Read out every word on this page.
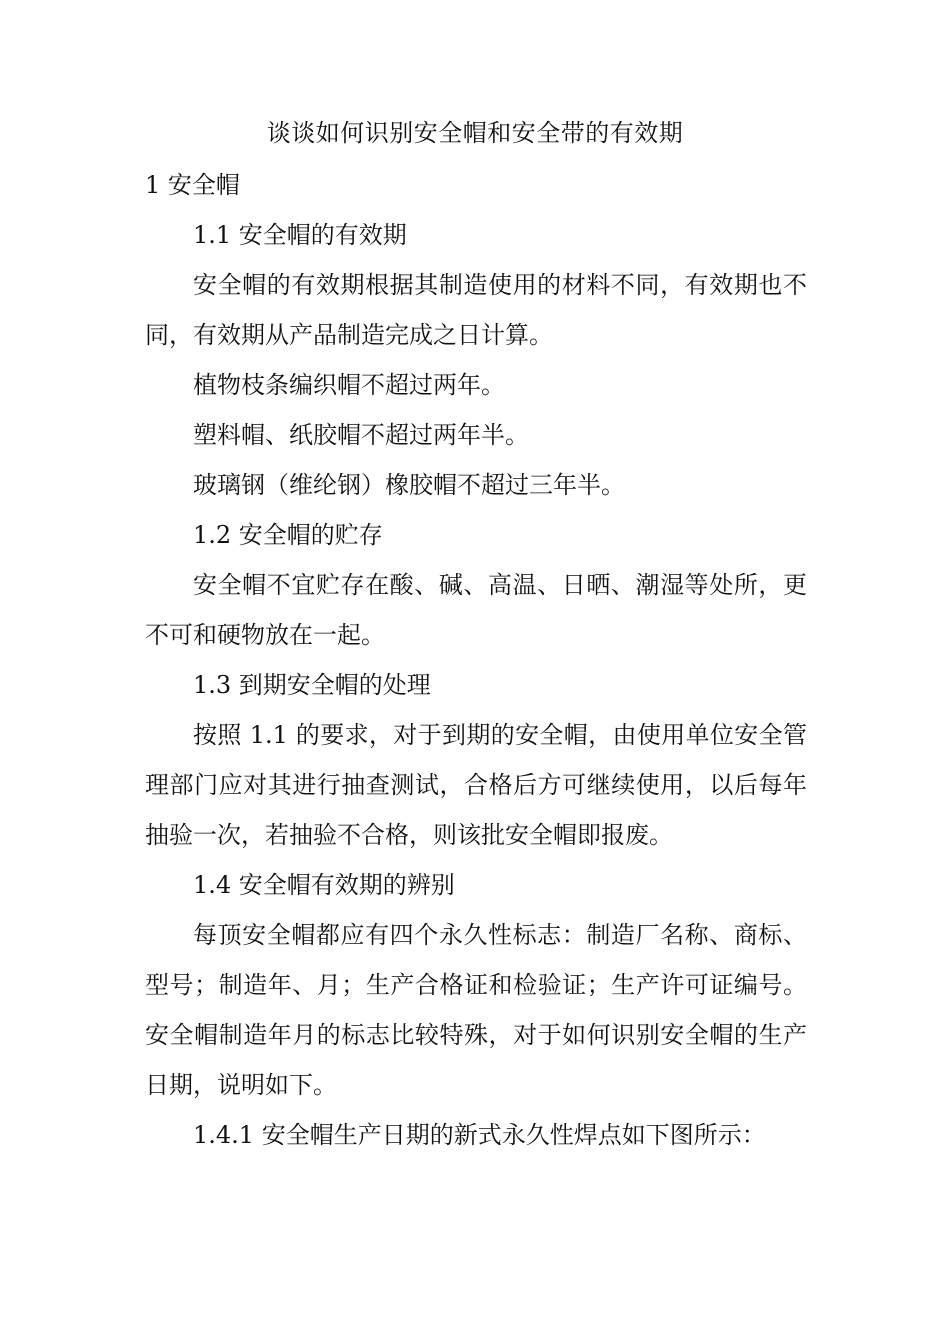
谈谈如何识别安全帽和安全带的有效期

1 安全帽

1.1 安全帽的有效期

安全帽的有效期根据其制造使用的材料不同，有效期也不同，有效期从产品制造完成之日计算。

植物枝条编织帽不超过两年。

塑料帽、纸胶帽不超过两年半。

玻璃钢（维纶钢）橡胶帽不超过三年半。

1.2 安全帽的贮存

安全帽不宜贮存在酸、碱、高温、日晒、潮湿等处所，更不可和硬物放在一起。

1.3 到期安全帽的处理

按照 1.1 的要求，对于到期的安全帽，由使用单位安全管理部门应对其进行抽查测试，合格后方可继续使用，以后每年抽验一次，若抽验不合格，则该批安全帽即报废。

1.4 安全帽有效期的辨别

每顶安全帽都应有四个永久性标志：制造厂名称、商标、型号；制造年、月；生产合格证和检验证；生产许可证编号。安全帽制造年月的标志比较特殊，对于如何识别安全帽的生产日期，说明如下。

1.4.1 安全帽生产日期的新式永久性焊点如下图所示：
